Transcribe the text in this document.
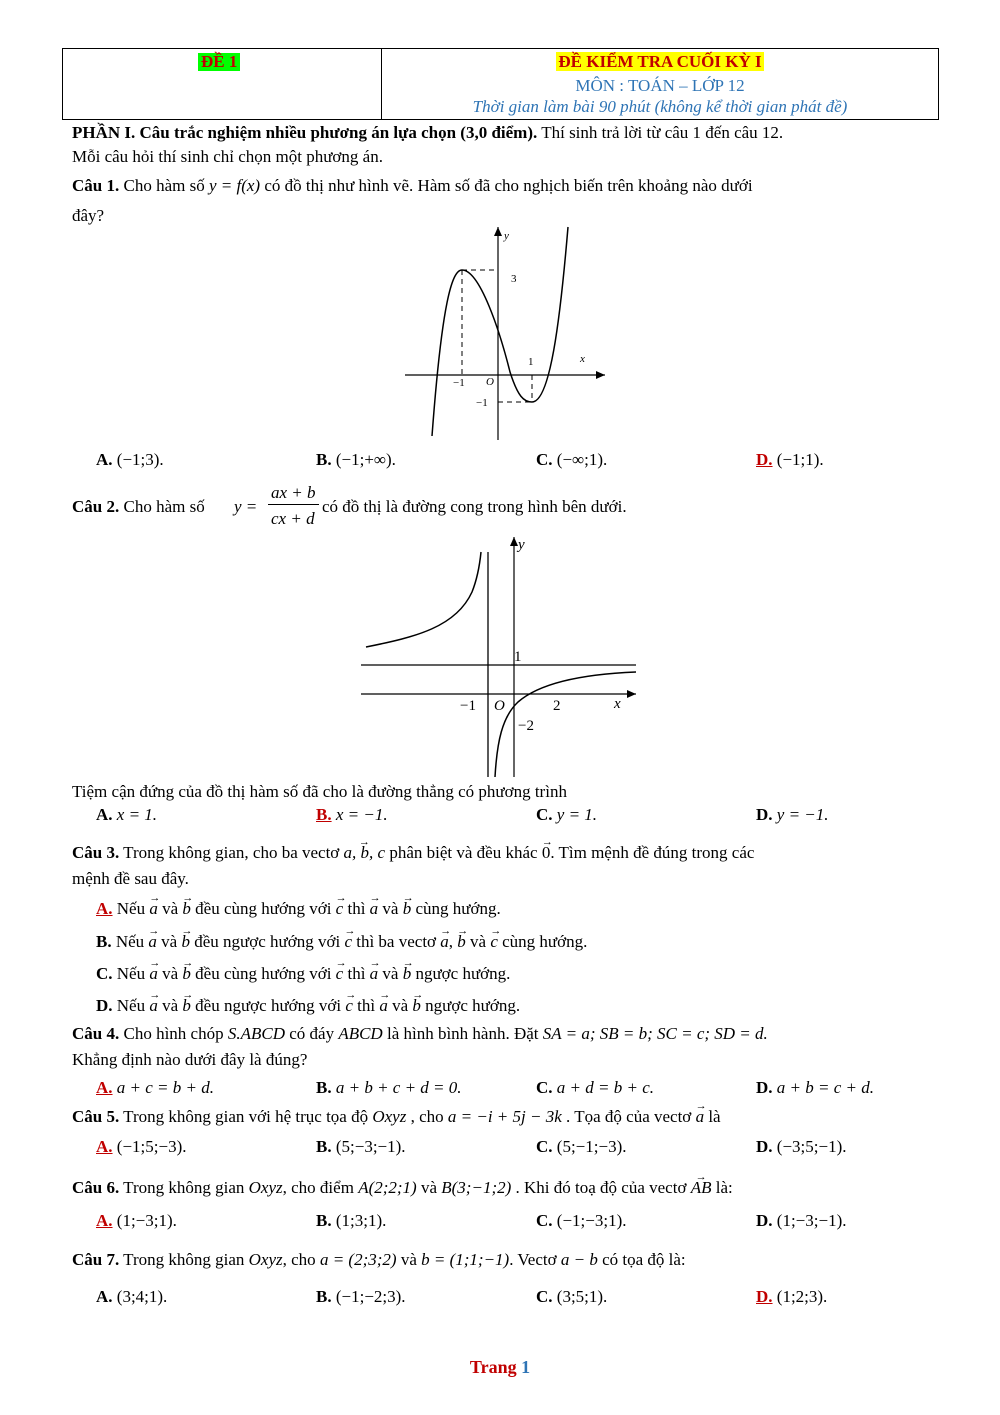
ĐỀ 1	ĐỀ KIỂM TRA CUỐI KỲ I
MÔN : TOÁN – LỚP 12
Thời gian làm bài 90 phút (không kể thời gian phát đề)
PHẦN I. Câu trắc nghiệm nhiều phương án lựa chọn (3,0 điểm). Thí sinh trả lời từ câu 1 đến câu 12.
Mỗi câu hỏi thí sinh chỉ chọn một phương án.
Câu 1. Cho hàm số y = f(x) có đồ thị như hình vẽ. Hàm số đã cho nghịch biến trên khoảng nào dưới
đây?
y
x
3
1
O
−1
−1
A. (−1;3).	B. (−1;+∞).	C. (−∞;1).	D. (−1;1).
Câu 2. Cho hàm số y =
ax + b
cx + d
có đồ thị là đường cong trong hình bên dưới.
y
x
1
−1 O	2
−2
Tiệm cận đứng của đồ thị hàm số đã cho là đường thẳng có phương trình
A. x = 1.	B. x = −1.	C. y = 1.	D. y = −1.
Câu 3. Trong không gian, cho ba vectơ → a, b, c phân biệt và đều khác → 0. Tìm mệnh đề đúng trong các
mệnh đề sau đây.
A. Nếu → a và → b đều cùng hướng với → c thì → a và → b cùng hướng.
B. Nếu → a và → b đều ngược hướng với → c thì ba vectơ → a, → b và → c cùng hướng.
C. Nếu → a và → b đều cùng hướng với → c thì → a và → b ngược hướng.
D. Nếu → a và → b đều ngược hướng với → c thì → a và → b ngược hướng.
Câu 4. Cho hình chóp S.ABCD có đáy ABCD là hình bình hành. Đặt SA = a; SB = b; SC = c; SD = d.
Khẳng định nào dưới đây là đúng?
A. a + c = b + d.	B. a + b + c + d = 0.	C. a + d = b + c.	D. a + b = c + d.
Câu 5. Trong không gian với hệ trục tọa độ Oxyz , cho a = −i + 5j − 3k . Tọa độ của vectơ → a là
A. (−1;5;−3).	B. (5;−3;−1).	C. (5;−1;−3).	D. (−3;5;−1).
Câu 6. Trong không gian Oxyz, cho điểm A(2;2;1) và B(3;−1;2) . Khi đó toạ độ của vectơ → AB là:
A. (1;−3;1).	B. (1;3;1).	C. (−1;−3;1).	D. (1;−3;−1).
Câu 7. Trong không gian Oxyz, cho a = (2;3;2) và b = (1;1;−1). Vectơ a − b có tọa độ là:
A. (3;4;1).	B. (−1;−2;3).	C. (3;5;1).	D. (1;2;3).
Trang 1
